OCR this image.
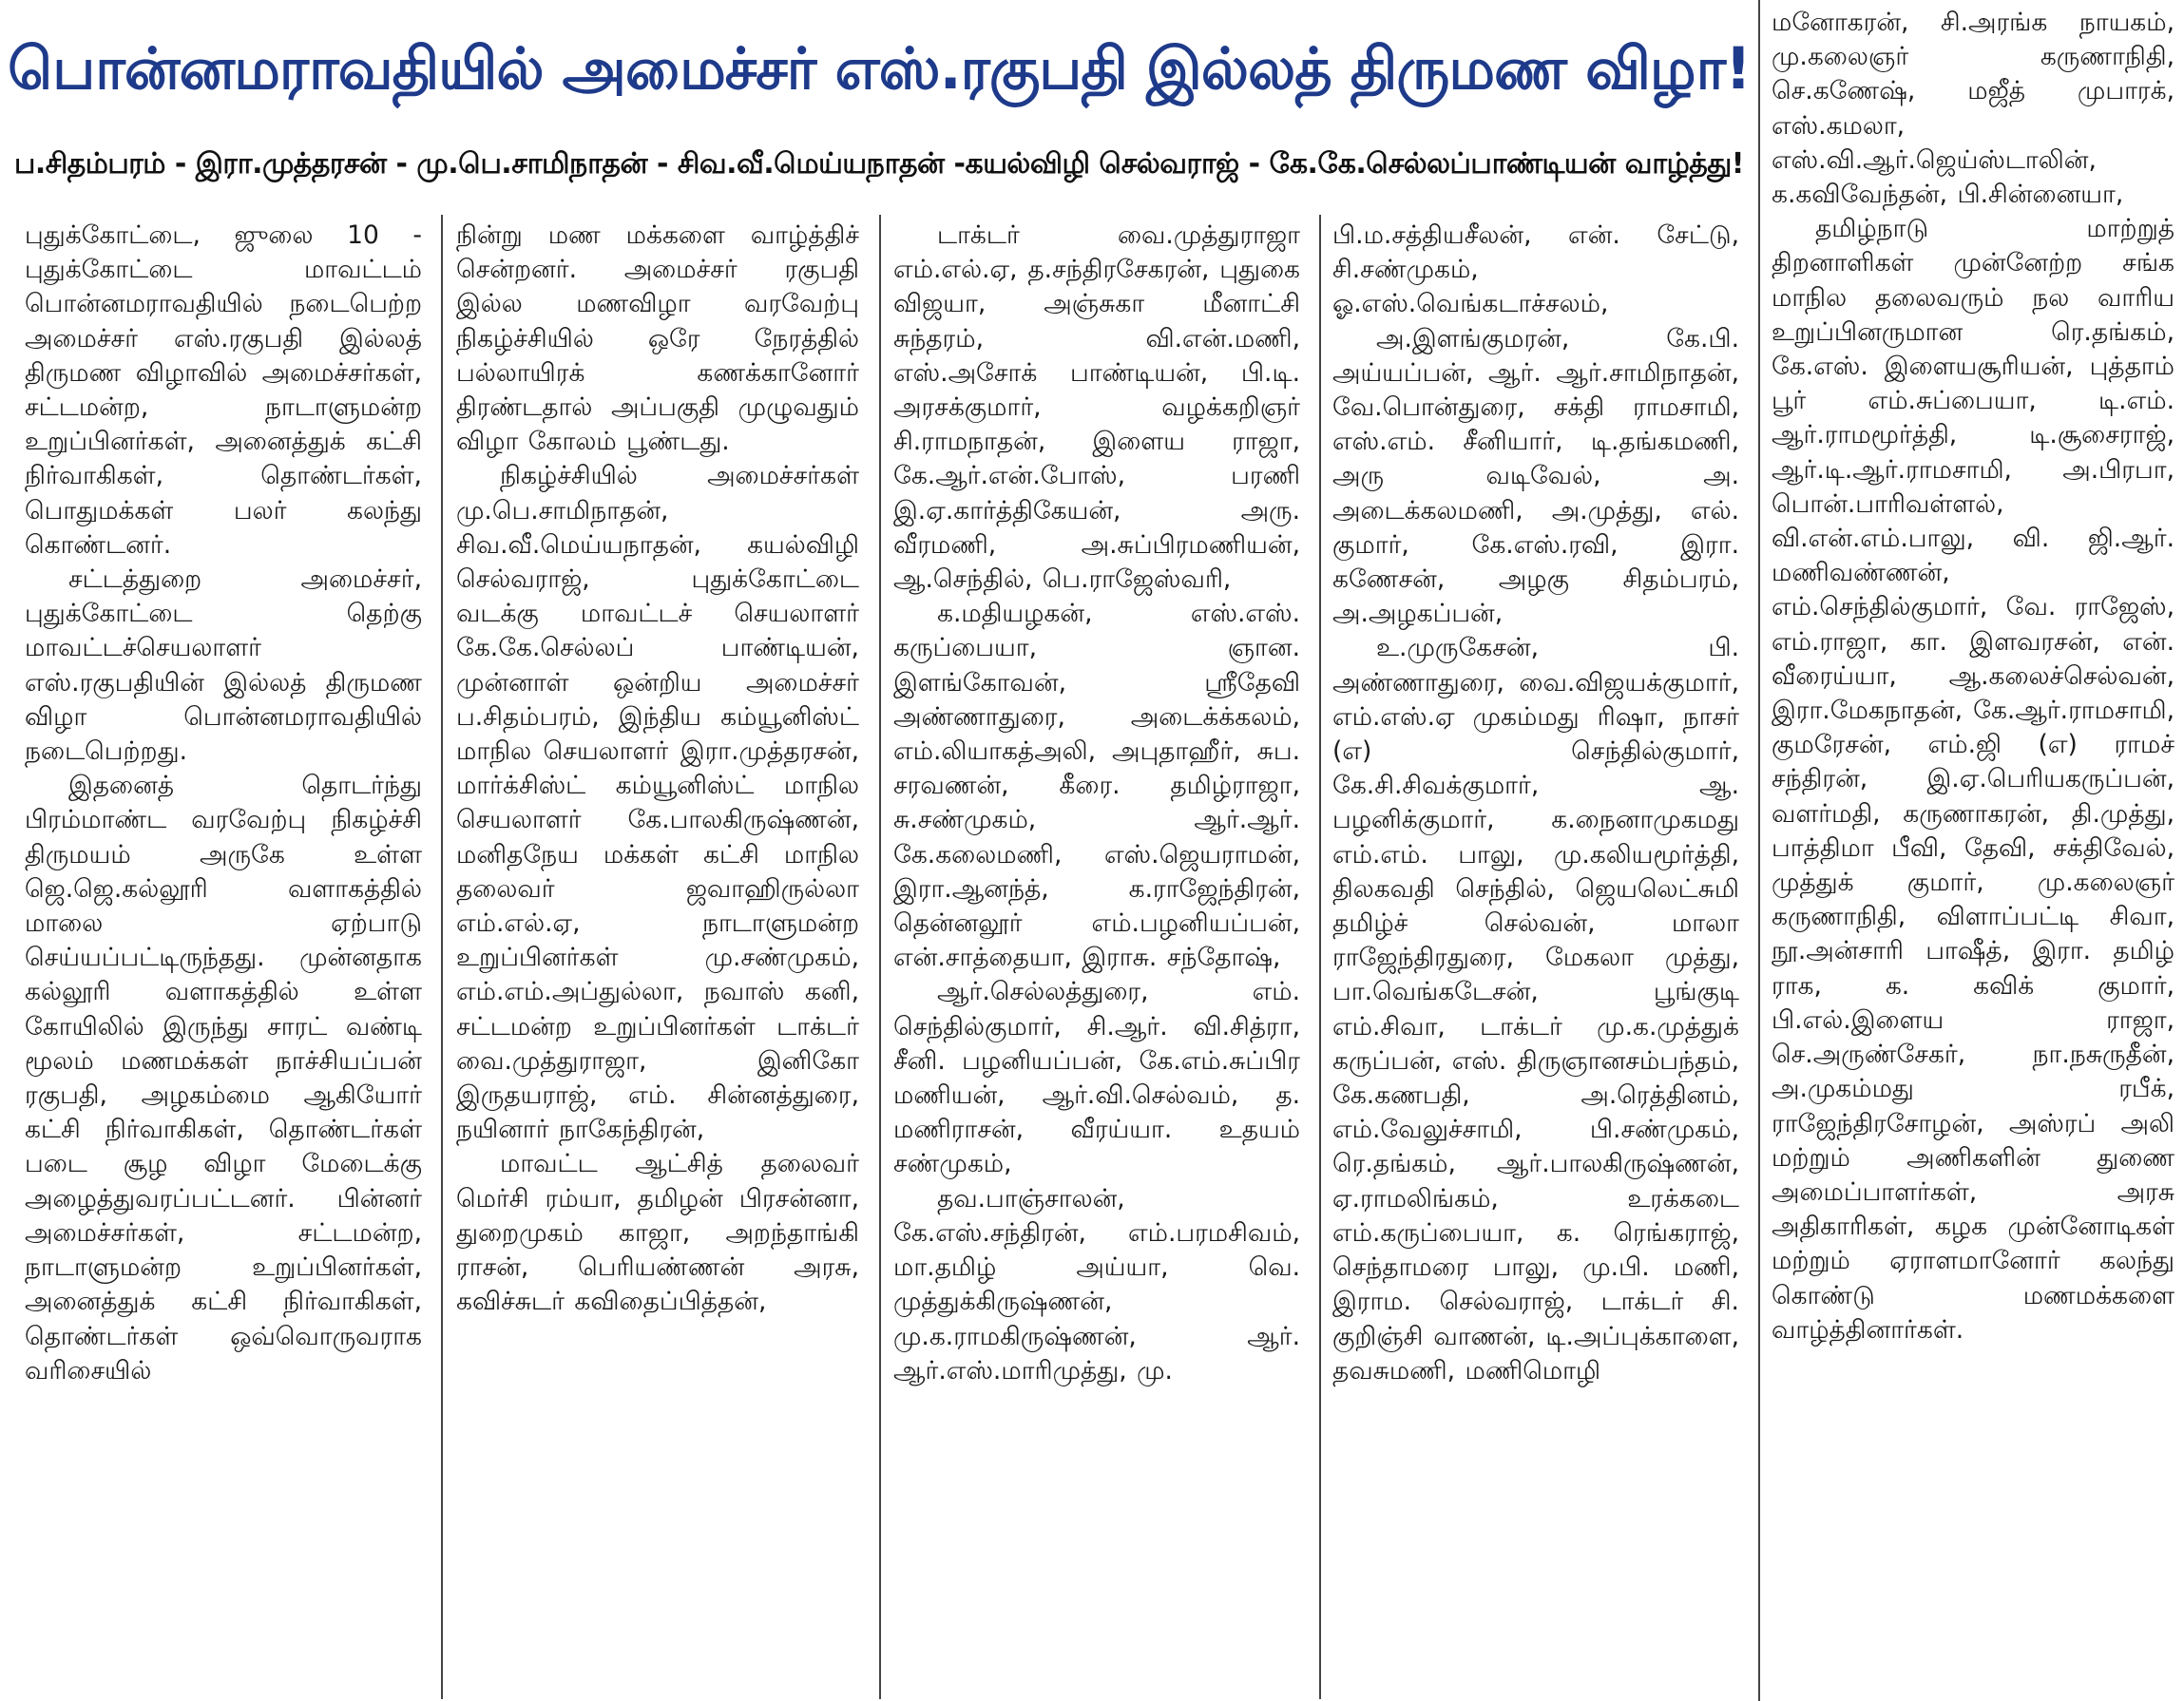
பொன்னமராவதியில் அமைச்சர் எஸ்.ரகுபதி இல்லத் திருமண விழா!
ப.சிதம்பரம் - இரா.முத்தரசன் - மு.பெ.சாமிநாதன் - சிவ.வீ.மெய்யநாதன் -கயல்விழி செல்வராஜ் - கே.கே.செல்லப்பாண்டியன் வாழ்த்து!

புதுக்கோட்டை, ஜுலை 10 - புதுக்கோட்டை மாவட்டம் பொன்னமராவதியில் நடைபெற்ற அமைச்சர் எஸ்.ரகுபதி இல்லத் திருமண விழாவில் அமைச்சர்கள், சட்டமன்ற, நாடாளுமன்ற உறுப்பினர்கள், அனைத்துக் கட்சி நிர்வாகிகள், தொண்டர்கள், பொதுமக்கள் பலர் கலந்து கொண்டனர்.

சட்டத்துறை அமைச்சர், புதுக்கோட்டை தெற்கு மாவட்டச்செயலாளர் எஸ்.ரகுபதியின் இல்லத் திருமண விழா பொன்னமராவதியில் நடைபெற்றது.

இதனைத் தொடர்ந்து பிரம்மாண்ட வரவேற்பு நிகழ்ச்சி திருமயம் அருகே உள்ள ஜெ.ஜெ.கல்லூரி வளாகத்தில் மாலை ஏற்பாடு செய்யப்பட்டிருந்தது. முன்னதாக கல்லூரி வளாகத்தில் உள்ள கோயிலில் இருந்து சாரட் வண்டி மூலம் மணமக்கள் நாச்சியப்பன் ரகுபதி, அழகம்மை ஆகியோர் கட்சி நிர்வாகிகள், தொண்டர்கள் படை சூழ விழா மேடைக்கு அழைத்துவரப்பட்டனர். பின்னர் அமைச்சர்கள், சட்டமன்ற, நாடாளுமன்ற உறுப்பினர்கள், அனைத்துக் கட்சி நிர்வாகிகள், தொண்டர்கள் ஒவ்வொருவராக வரிசையில்

நின்று மண மக்களை வாழ்த்திச் சென்றனர். அமைச்சர் ரகுபதி இல்ல மணவிழா வரவேற்பு நிகழ்ச்சியில் ஒரே நேரத்தில் பல்லாயிரக் கணக்கானோர் திரண்டதால் அப்பகுதி முழுவதும் விழா கோலம் பூண்டது.

நிகழ்ச்சியில் அமைச்சர்கள் மு.பெ.சாமிநாதன், சிவ.வீ.மெய்யநாதன், கயல்விழி செல்வராஜ், புதுக்கோட்டை வடக்கு மாவட்டச் செயலாளர் கே.கே.செல்லப் பாண்டியன், முன்னாள் ஒன்றிய அமைச்சர் ப.சிதம்பரம், இந்திய கம்யூனிஸ்ட் மாநில செயலாளர் இரா.முத்தரசன், மார்க்சிஸ்ட் கம்யூனிஸ்ட் மாநில செயலாளர் கே.பாலகிருஷ்ணன், மனிதநேய மக்கள் கட்சி மாநில தலைவர் ஜவாஹிருல்லா எம்.எல்.ஏ, நாடாளுமன்ற உறுப்பினர்கள் மு.சண்முகம், எம்.எம்.அப்துல்லா, நவாஸ் கனி, சட்டமன்ற உறுப்பினர்கள் டாக்டர் வை.முத்துராஜா, இனிகோ இருதயராஜ், எம். சின்னத்துரை, நயினார் நாகேந்திரன்,

மாவட்ட ஆட்சித் தலைவர் மெர்சி ரம்யா, தமிழன் பிரசன்னா, துறைமுகம் காஜா, அறந்தாங்கி ராசன், பெரியண்ணன் அரசு, கவிச்சுடர் கவிதைப்பித்தன்,

டாக்டர் வை.முத்துராஜா எம்.எல்.ஏ, த.சந்திரசேகரன், புதுகை விஜயா, அஞ்சுகா மீனாட்சி சுந்தரம், வி.என்.மணி, எஸ்.அசோக் பாண்டியன், பி.டி. அரசக்குமார், வழக்கறிஞர் சி.ராமநாதன், இளைய ராஜா, கே.ஆர்.என்.போஸ், பரணி இ.ஏ.கார்த்திகேயன், அரு. வீரமணி, அ.சுப்பிரமணியன், ஆ.செந்தில், பெ.ராஜேஸ்வரி,

க.மதியழகன், எஸ்.எஸ். கருப்பையா, ஞான. இளங்கோவன், ஸ்ரீதேவி அண்ணாதுரை, அடைக்க்கலம், எம்.லியாகத்அலி, அபுதாஹீர், சுப. சரவணன், கீரை. தமிழ்ராஜா, சு.சண்முகம், ஆர்.ஆர். கே.கலைமணி, எஸ்.ஜெயராமன், இரா.ஆனந்த், க.ராஜேந்திரன், தென்னலூர் எம்.பழனியப்பன், என்.சாத்தையா, இராசு. சந்தோஷ்,

ஆர்.செல்லத்துரை, எம். செந்தில்குமார், சி.ஆர். வி.சித்ரா, சீனி. பழனியப்பன், கே.எம்.சுப்பிர மணியன், ஆர்.வி.செல்வம், த. மணிராசன், வீரய்யா. உதயம் சண்முகம்,

தவ.பாஞ்சாலன், கே.எஸ்.சந்திரன், எம்.பரமசிவம், மா.தமிழ் அய்யா, வெ. முத்துக்கிருஷ்ணன், மு.க.ராமகிருஷ்ணன், ஆர். ஆர்.எஸ்.மாரிமுத்து, மு.

பி.ம.சத்தியசீலன், என். சேட்டு, சி.சண்முகம், ஓ.எஸ்.வெங்கடாச்சலம்,

அ.இளங்குமரன், கே.பி. அய்யப்பன், ஆர். ஆர்.சாமிநாதன், வே.பொன்துரை, சக்தி ராமசாமி, எஸ்.எம். சீனியார், டி.தங்கமணி, அரு வடிவேல், அ. அடைக்கலமணி, அ.முத்து, எல். குமார், கே.எஸ்.ரவி, இரா. கணேசன், அழகு சிதம்பரம், அ.அழகப்பன்,

உ.முருகேசன், பி. அண்ணாதுரை, வை.விஜயக்குமார், எம்.எஸ்.ஏ முகம்மது ரிஷா, நாசர் (எ) செந்தில்குமார், கே.சி.சிவக்குமார், ஆ. பழனிக்குமார், க.நைனாமுகமது எம்.எம். பாலு, மு.கலியமூர்த்தி, திலகவதி செந்தில், ஜெயலெட்சுமி தமிழ்ச் செல்வன், மாலா ராஜேந்திரதுரை, மேகலா முத்து, பா.வெங்கடேசன், பூங்குடி எம்.சிவா, டாக்டர் மு.க.முத்துக் கருப்பன், எஸ். திருஞானசம்பந்தம், கே.கணபதி, அ.ரெத்தினம், எம்.வேலுச்சாமி, பி.சண்முகம், ரெ.தங்கம், ஆர்.பாலகிருஷ்ணன், ஏ.ராமலிங்கம், உரக்கடை எம்.கருப்பையா, க. ரெங்கராஜ், செந்தாமரை பாலு, மு.பி. மணி, இராம. செல்வராஜ், டாக்டர் சி. குறிஞ்சி வாணன், டி.அப்புக்காளை, தவசுமணி, மணிமொழி

மனோகரன், சி.அரங்க நாயகம், மு.கலைஞர் கருணாநிதி, செ.கணேஷ், மஜீத் முபாரக், எஸ்.கமலா, எஸ்.வி.ஆர்.ஜெய்ஸ்டாலின், க.கவிவேந்தன், பி.சின்னையா,

தமிழ்நாடு மாற்றுத் திறனாளிகள் முன்னேற்ற சங்க மாநில தலைவரும் நல வாரிய உறுப்பினருமான ரெ.தங்கம், கே.எஸ். இளையசூரியன், புத்தாம் பூர் எம்.சுப்பையா, டி.எம். ஆர்.ராமமூர்த்தி, டி.சூசைராஜ், ஆர்.டி.ஆர்.ராமசாமி, அ.பிரபா, பொன்.பாரிவள்ளல், வி.என்.எம்.பாலு, வி. ஜி.ஆர். மணிவண்ணன், எம்.செந்தில்குமார், வே. ராஜேஸ், எம்.ராஜா, கா. இளவரசன், என். வீரைய்யா, ஆ.கலைச்செல்வன், இரா.மேகநாதன், கே.ஆர்.ராமசாமி, குமரேசன், எம்.ஜி (எ) ராமச் சந்திரன், இ.ஏ.பெரியகருப்பன், வளர்மதி, கருணாகரன், தி.முத்து, பாத்திமா பீவி, தேவி, சக்திவேல், முத்துக் குமார், மு.கலைஞர் கருணாநிதி, விளாப்பட்டி சிவா, நூ.அன்சாரி பாஷீத், இரா. தமிழ் ராக, க. கவிக் குமார், பி.எல்.இளைய ராஜா, செ.அருண்சேகர், நா.நசுருதீன், அ.முகம்மது ரபீக், ராஜேந்திரசோழன், அஸ்ரப் அலி மற்றும் அணிகளின் துணை அமைப்பாளர்கள், அரசு அதிகாரிகள், கழக முன்னோடிகள் மற்றும் ஏராளமானோர் கலந்து கொண்டு மணமக்களை வாழ்த்தினார்கள்.
